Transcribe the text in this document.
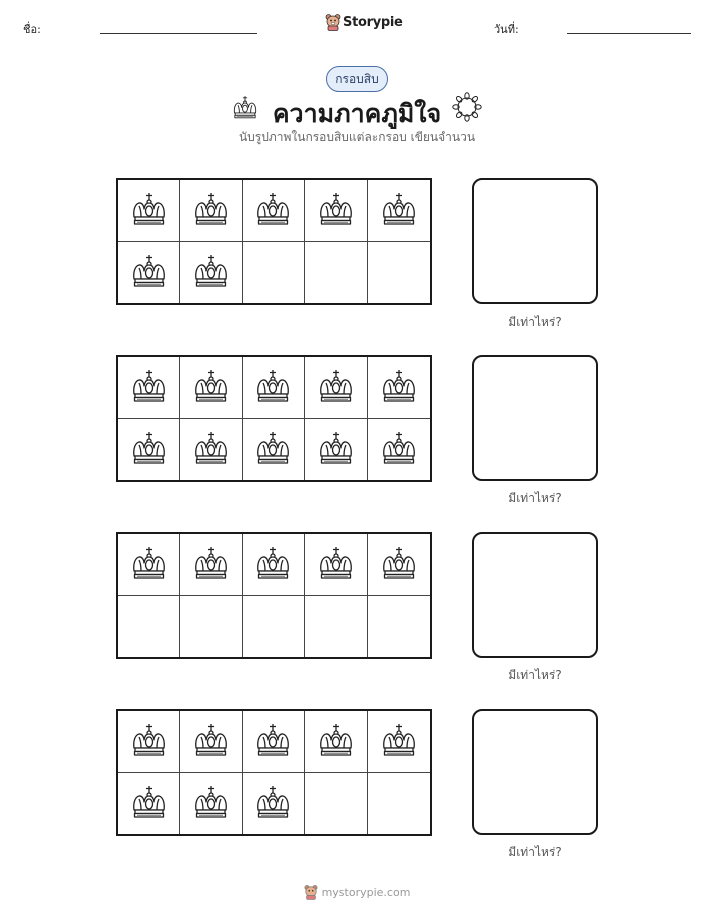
ชื่อ:	Storypie	วันที่:
กรอบสิบ
ความภาคภูมิใจ
นับรูปภาพในกรอบสิบแต่ละกรอบ เขียนจำนวน
มีเท่าไหร่?
มีเท่าไหร่?
มีเท่าไหร่?
มีเท่าไหร่?
mystorypie.com
